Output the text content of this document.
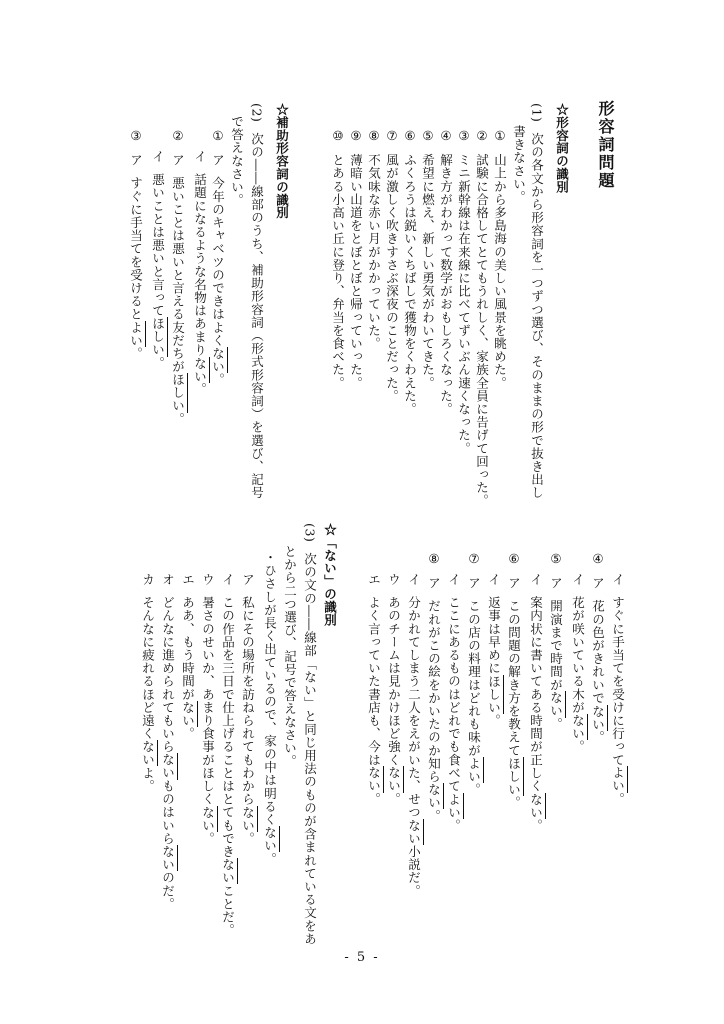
形容詞問題
☆形容詞の識別
(1)次の各文から形容詞を一つずつ選び、そのままの形で抜き出し
書きなさい。
①山上から多島海の美しい風景を眺めた。
②試験に合格してとてもうれしく、家族全員に告げて回った。
③ミニ新幹線は在来線に比べてずいぶん速くなった。
④解き方がわかって数学がおもしろくなった。
⑤希望に燃え、新しい勇気がわいてきた。
⑥ふくろうは鋭いくちばしで獲物をくわえた。
⑦風が激しく吹きすさぶ深夜のことだった。
⑧不気味な赤い月がかかっていた。
⑨薄暗い山道をとぼとぼと帰っていった。
⑩とある小高い丘に登り、弁当を食べた。
☆補助形容詞の識別
(2)次の――線部のうち、補助形容詞（形式形容詞）を選び、記号
で答えなさい。
①ア今年のキャベツのできはよくない。
イ話題になるような名物はあまりない。
②ア悪いことは悪いと言える友だちがほしい。
イ悪いことは悪いと言ってほしい。
③アすぐに手当てを受けるとよい。
イすぐに手当てを受けに行ってよい。
④ア花の色がきれいでない。
イ花が咲いている木がない。
⑤ア開演まで時間がない。
イ案内状に書いてある時間が正しくない。
⑥アこの問題の解き方を教えてほしい。
イ返事は早めにほしい。
⑦アこの店の料理はどれも味がよい。
イここにあるものはどれでも食べてよい。
⑧アだれがこの絵をかいたのか知らない。
イ分かれてしまう二人をえがいた、せつない小説だ。
ウあのチームは見かけほど強くない。
エよく言っていた書店も、今はない。
☆「ない」の識別
(3)次の文の――線部「ない」と同じ用法のものが含まれている文をあ
とから二つ選び、記号で答えなさい。
・ひさしが長く出ているので、家の中は明るくない。
ア私にその場所を訪ねられてもわからない。
イこの作品を三日で仕上げることはとてもできないことだ。
ウ暑さのせいか、あまり食事がほしくない。
エああ、もう時間がない。
オどんなに進められてもいらないものはいらないのだ。
カそんなに疲れるほど遠くないよ。
- 5 -
